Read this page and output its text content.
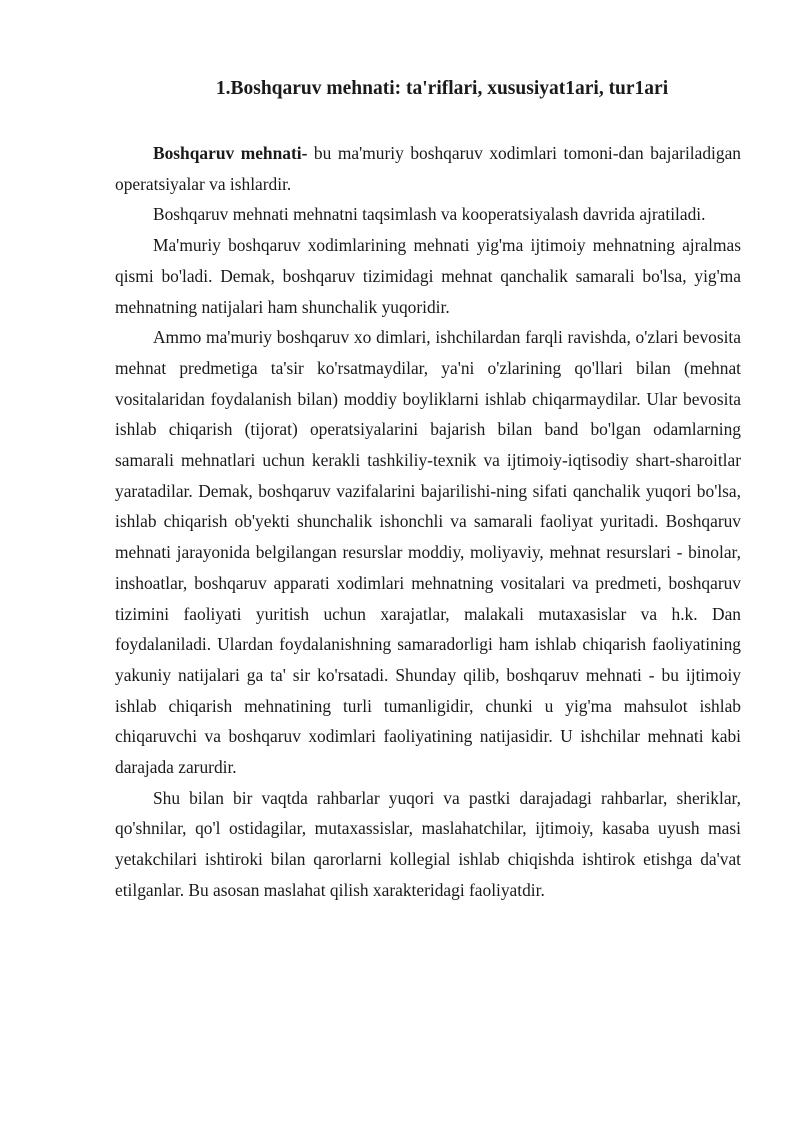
1.Boshqaruv mehnati: ta'riflari, xususiyat1ari, tur1ari

Boshqaruv mehnati- bu ma'muriy boshqaruv xodimlari tomoni-dan bajariladigan operatsiyalar va ishlardir.

Boshqaruv mehnati mehnatni taqsimlash va kooperatsiyalash davrida ajratiladi.

Ma'muriy boshqaruv xodimlarining mehnati yig'ma ijtimoiy mehnatning ajralmas qismi bo'ladi. Demak, boshqaruv tizimidagi mehnat qanchalik samarali bo'lsa, yig'ma mehnatning natijalari ham shunchalik yuqoridir.

Ammo ma'muriy boshqaruv xo dimlari, ishchilardan farqli ravishda, o'zlari bevosita mehnat predmetiga ta'sir ko'rsatmaydilar, ya'ni o'zlarining qo'llari bilan (mehnat vositalaridan foydalanish bilan) moddiy boyliklarni ishlab chiqarmaydilar. Ular bevosita ishlab chiqarish (tijorat) operatsiyalarini bajarish bilan band bo'lgan odamlarning samarali mehnatlari uchun kerakli tashkiliy-texnik va ijtimoiy-iqtisodiy shart-sharoitlar yaratadilar. Demak, boshqaruv vazifalarini bajarilishi-ning sifati qanchalik yuqori bo'lsa, ishlab chiqarish ob'yekti shunchalik ishonchli va samarali faoliyat yuritadi. Boshqaruv mehnati jarayonida belgilangan resurslar moddiy, moliyaviy, mehnat resurslari - binolar, inshoatlar, boshqaruv apparati xodimlari mehnatning vositalari va predmeti, boshqaruv tizimini faoliyati yuritish uchun xarajatlar, malakali mutaxasislar va h.k. Dan foydalaniladi. Ulardan foydalanishning samaradorligi ham ishlab chiqarish faoliyatining yakuniy natijalari ga ta' sir ko'rsatadi. Shunday qilib, boshqaruv mehnati - bu ijtimoiy ishlab chiqarish mehnatining turli tumanligidir, chunki u yig'ma mahsulot ishlab chiqaruvchi va boshqaruv xodimlari faoliyatining natijasidir. U ishchilar mehnati kabi darajada zarurdir.

Shu bilan bir vaqtda rahbarlar yuqori va pastki darajadagi rahbarlar, sheriklar, qo'shnilar, qo'l ostidagilar, mutaxassislar, maslahatchilar, ijtimoiy, kasaba uyush masi yetakchilari ishtiroki bilan qarorlarni kollegial ishlab chiqishda ishtirok etishga da'vat etilganlar. Bu asosan maslahat qilish xarakteridagi faoliyatdir.
